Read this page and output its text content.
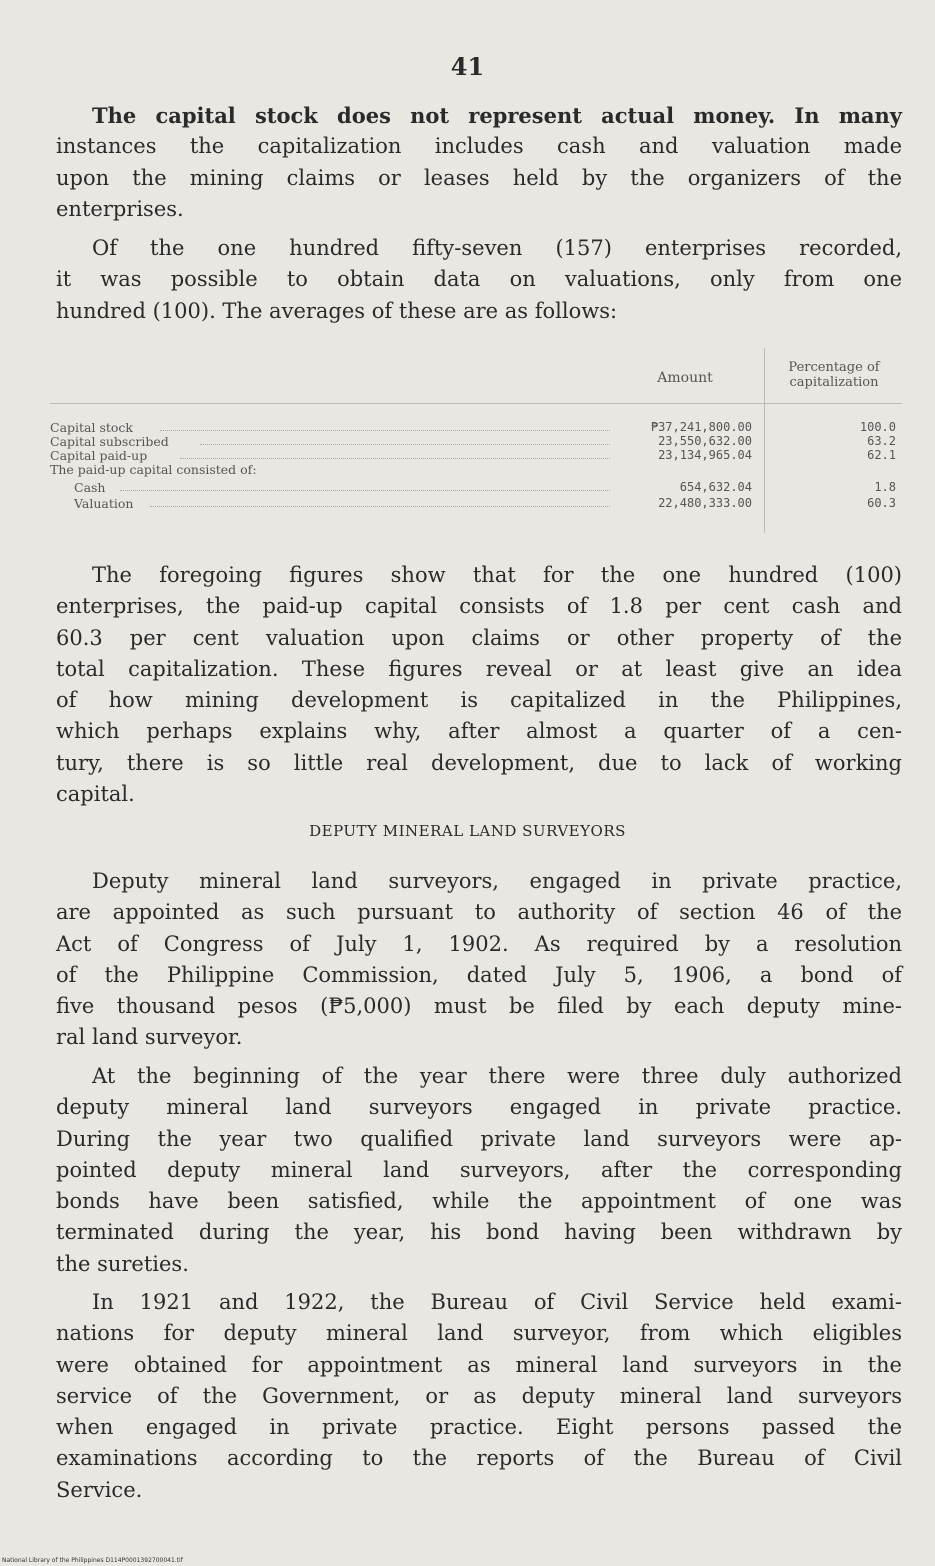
41
The capital stock does not represent actual money. In many
instances the capitalization includes cash and valuation made
upon the mining claims or leases held by the organizers of the
enterprises.
Of the one hundred fifty-seven (157) enterprises recorded,
it was possible to obtain data on valuations, only from one
hundred (100). The averages of these are as follows:
Amount
Percentage of
capitalization
Capital stock	₱37,241,800.00	100.0
Capital subscribed	23,550,632.00	63.2
Capital paid-up	23,134,965.04	62.1
The paid-up capital consisted of:
Cash	654,632.04	1.8
Valuation	22,480,333.00	60.3
The foregoing figures show that for the one hundred (100)
enterprises, the paid-up capital consists of 1.8 per cent cash and
60.3 per cent valuation upon claims or other property of the
total capitalization. These figures reveal or at least give an idea
of how mining development is capitalized in the Philippines,
which perhaps explains why, after almost a quarter of a cen-
tury, there is so little real development, due to lack of working
capital.
DEPUTY MINERAL LAND SURVEYORS
Deputy mineral land surveyors, engaged in private practice,
are appointed as such pursuant to authority of section 46 of the
Act of Congress of July 1, 1902. As required by a resolution
of the Philippine Commission, dated July 5, 1906, a bond of
five thousand pesos (₱5,000) must be filed by each deputy mine-
ral land surveyor.
At the beginning of the year there were three duly authorized
deputy mineral land surveyors engaged in private practice.
During the year two qualified private land surveyors were ap-
pointed deputy mineral land surveyors, after the corresponding
bonds have been satisfied, while the appointment of one was
terminated during the year, his bond having been withdrawn by
the sureties.
In 1921 and 1922, the Bureau of Civil Service held exami-
nations for deputy mineral land surveyor, from which eligibles
were obtained for appointment as mineral land surveyors in the
service of the Government, or as deputy mineral land surveyors
when engaged in private practice. Eight persons passed the
examinations according to the reports of the Bureau of Civil
Service.
National Library of the Philippines D114P0001392700041.tif
